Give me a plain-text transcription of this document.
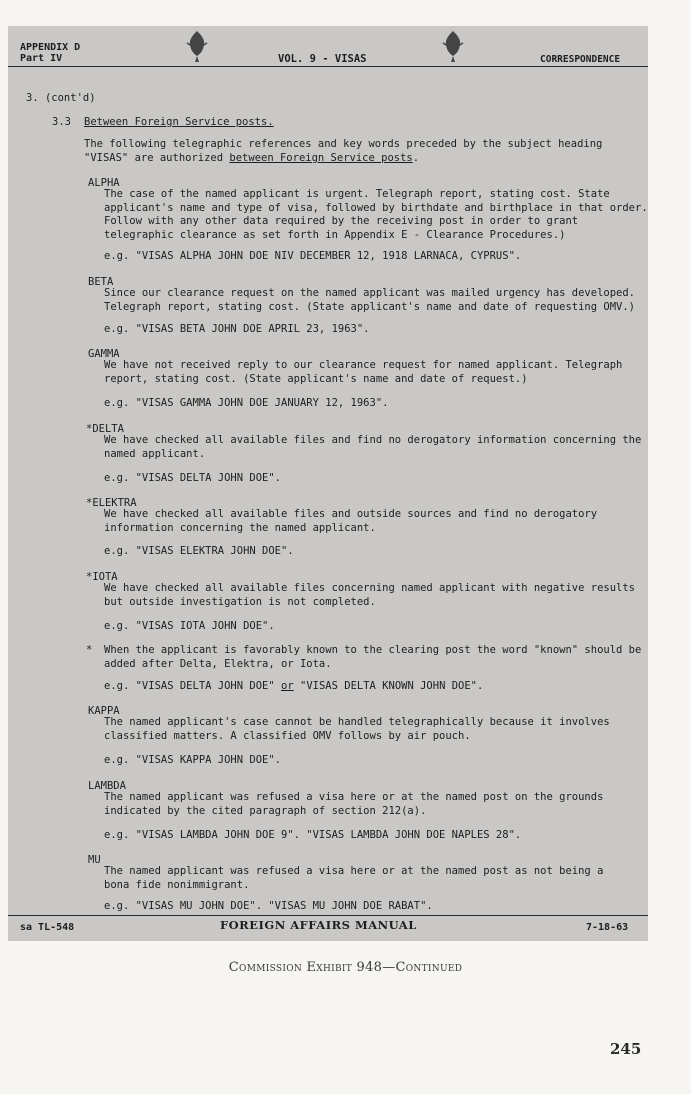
APPENDIX D
Part IV	VOL. 9 - VISAS	CORRESPONDENCE
3. (cont'd)
3.3 Between Foreign Service posts.
The following telegraphic references and key words preceded by the subject heading
"VISAS" are authorized between Foreign Service posts.
ALPHA
The case of the named applicant is urgent. Telegraph report, stating cost. State
applicant's name and type of visa, followed by birthdate and birthplace in that order.
Follow with any other data required by the receiving post in order to grant
telegraphic clearance as set forth in Appendix E - Clearance Procedures.)
e.g. "VISAS ALPHA JOHN DOE NIV DECEMBER 12, 1918 LARNACA, CYPRUS".
BETA
Since our clearance request on the named applicant was mailed urgency has developed.
Telegraph report, stating cost. (State applicant's name and date of requesting OMV.)
e.g. "VISAS BETA JOHN DOE APRIL 23, 1963".
GAMMA
We have not received reply to our clearance request for named applicant. Telegraph
report, stating cost. (State applicant's name and date of request.)
e.g. "VISAS GAMMA JOHN DOE JANUARY 12, 1963".
*DELTA
We have checked all available files and find no derogatory information concerning the
named applicant.
e.g. "VISAS DELTA JOHN DOE".
*ELEKTRA
We have checked all available files and outside sources and find no derogatory
information concerning the named applicant.
e.g. "VISAS ELEKTRA JOHN DOE".
*IOTA
We have checked all available files concerning named applicant with negative results
but outside investigation is not completed.
e.g. "VISAS IOTA JOHN DOE".
* When the applicant is favorably known to the clearing post the word "known" should be
added after Delta, Elektra, or Iota.
e.g. "VISAS DELTA JOHN DOE" or "VISAS DELTA KNOWN JOHN DOE".
KAPPA
The named applicant's case cannot be handled telegraphically because it involves
classified matters. A classified OMV follows by air pouch.
e.g. "VISAS KAPPA JOHN DOE".
LAMBDA
The named applicant was refused a visa here or at the named post on the grounds
indicated by the cited paragraph of section 212(a).
e.g. "VISAS LAMBDA JOHN DOE 9". "VISAS LAMBDA JOHN DOE NAPLES 28".
MU
The named applicant was refused a visa here or at the named post as not being a
bona fide nonimmigrant.
e.g. "VISAS MU JOHN DOE". "VISAS MU JOHN DOE RABAT".
sa TL-548	FOREIGN AFFAIRS MANUAL	7-18-63
Commission Exhibit 948—Continued
245
